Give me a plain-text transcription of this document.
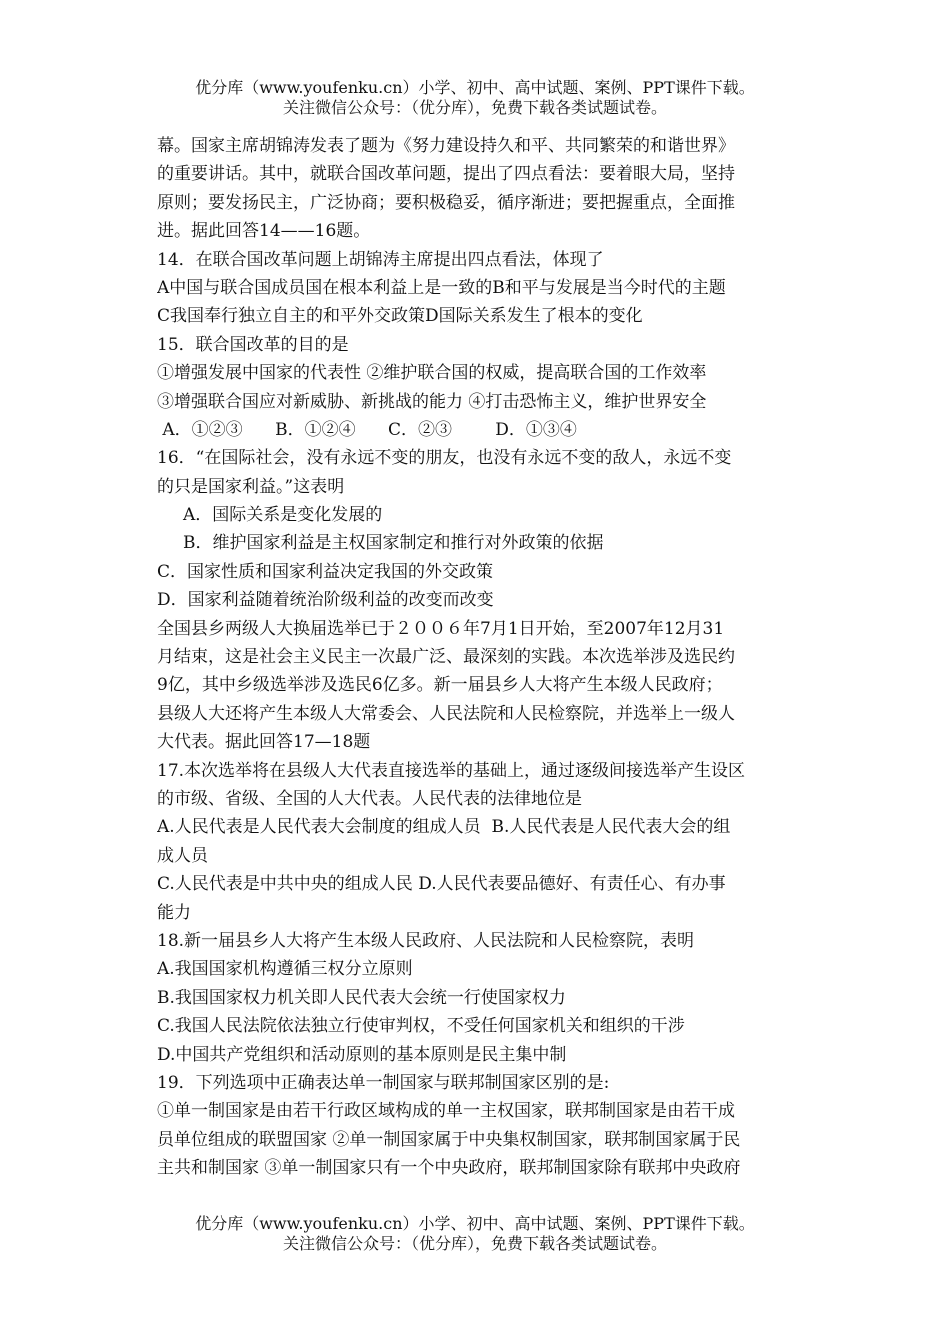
优分库（www.youfenku.cn）小学、初中、高中试题、案例、PPT课件下载。
关注微信公众号：（优分库），免费下载各类试题试卷。
幕。国家主席胡锦涛发表了题为《努力建设持久和平、共同繁荣的和谐世界》
的重要讲话。其中，就联合国改革问题，提出了四点看法：要着眼大局，坚持
原则；要发扬民主，广泛协商；要积极稳妥，循序渐进；要把握重点，全面推
进。据此回答14——16题。
14．在联合国改革问题上胡锦涛主席提出四点看法，体现了
A中国与联合国成员国在根本利益上是一致的B和平与发展是当今时代的主题
C我国奉行独立自主的和平外交政策D国际关系发生了根本的变化
15．联合国改革的目的是
①增强发展中国家的代表性 ②维护联合国的权威，提高联合国的工作效率
③增强联合国应对新威胁、新挑战的能力 ④打击恐怖主义，维护世界安全
A．①②③      B．①②④      C．②③        D．①③④
16．“在国际社会，没有永远不变的朋友，也没有永远不变的敌人，永远不变
的只是国家利益。”这表明
A．国际关系是变化发展的
B．维护国家利益是主权国家制定和推行对外政策的依据
C．国家性质和国家利益决定我国的外交政策
D．国家利益随着统治阶级利益的改变而改变
全国县乡两级人大换届选举已于２００６年7月1日开始，至2007年12月31
月结束，这是社会主义民主一次最广泛、最深刻的实践。本次选举涉及选民约
9亿，其中乡级选举涉及选民6亿多。新一届县乡人大将产生本级人民政府；
县级人大还将产生本级人大常委会、人民法院和人民检察院，并选举上一级人
大代表。据此回答17—18题
17.本次选举将在县级人大代表直接选举的基础上，通过逐级间接选举产生设区
的市级、省级、全国的人大代表。人民代表的法律地位是
A.人民代表是人民代表大会制度的组成人员  B.人民代表是人民代表大会的组
成人员
C.人民代表是中共中央的组成人民 D.人民代表要品德好、有责任心、有办事
能力
18.新一届县乡人大将产生本级人民政府、人民法院和人民检察院，表明
A.我国国家机构遵循三权分立原则
B.我国国家权力机关即人民代表大会统一行使国家权力
C.我国人民法院依法独立行使审判权，不受任何国家机关和组织的干涉
D.中国共产党组织和活动原则的基本原则是民主集中制
19．下列选项中正确表达单一制国家与联邦制国家区别的是:
①单一制国家是由若干行政区域构成的单一主权国家，联邦制国家是由若干成
员单位组成的联盟国家 ②单一制国家属于中央集权制国家，联邦制国家属于民
主共和制国家 ③单一制国家只有一个中央政府，联邦制国家除有联邦中央政府
优分库（www.youfenku.cn）小学、初中、高中试题、案例、PPT课件下载。
关注微信公众号：（优分库），免费下载各类试题试卷。
